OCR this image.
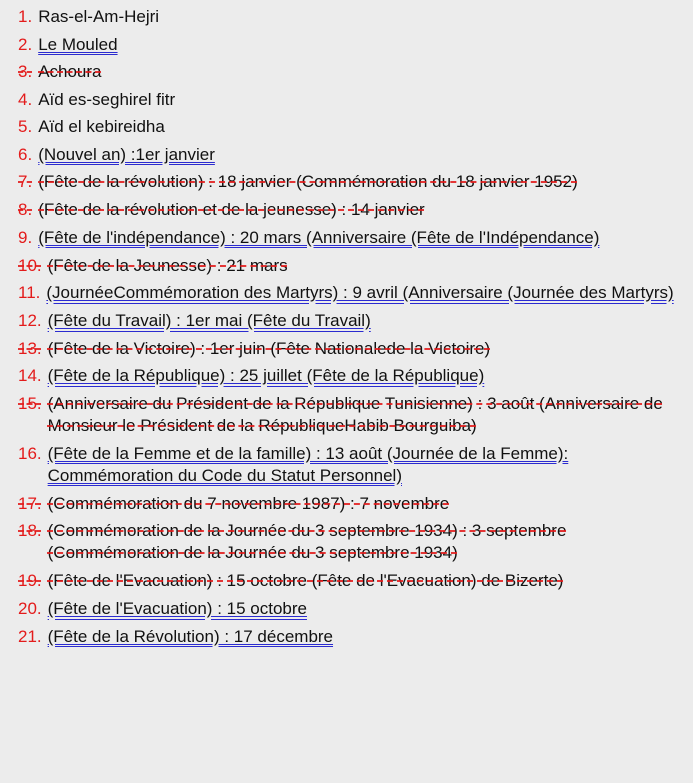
1. Ras-el-Am-Hejri
2. Le Mouled
3. Achoura
4. Aïd es-seghirel fitr
5. Aïd el kebireidha
6. (Nouvel an) :1er janvier
7. (Fête de la révolution) : 18 janvier (Commémoration du 18 janvier 1952)
8. (Fête de la révolution et de la jeunesse) : 14 janvier
9. (Fête de l'indépendance) : 20 mars (Anniversaire (Fête de l'Indépendance)
10. (Fête de la Jeunesse) : 21 mars
11. (JournéeCommémoration des Martyrs) : 9 avril (Anniversaire (Journée des Martyrs)
12. (Fête du Travail) : 1er mai (Fête du Travail)
13. (Fête de la Victoire) : 1er juin (Fête Nationalede la Victoire)
14. (Fête de la République) : 25 juillet (Fête de la République)
15. (Anniversaire du Président de la République Tunisienne) : 3 août (Anniversaire de Monsieur le Président de la RépubliqueHabib Bourguiba)
16. (Fête de la Femme et de la famille) : 13 août (Journée de la Femme): Commémoration du Code du Statut Personnel)
17. (Commémoration du 7 novembre 1987) : 7 novembre
18. (Commémoration de la Journée du 3 septembre 1934) : 3 septembre (Commémoration de la Journée du 3 septembre 1934)
19. (Fête de l'Evacuation) : 15 octobre (Fête de l'Evacuation) de Bizerte)
20. (Fête de l'Evacuation) : 15 octobre
21. (Fête de la Révolution) : 17 décembre
